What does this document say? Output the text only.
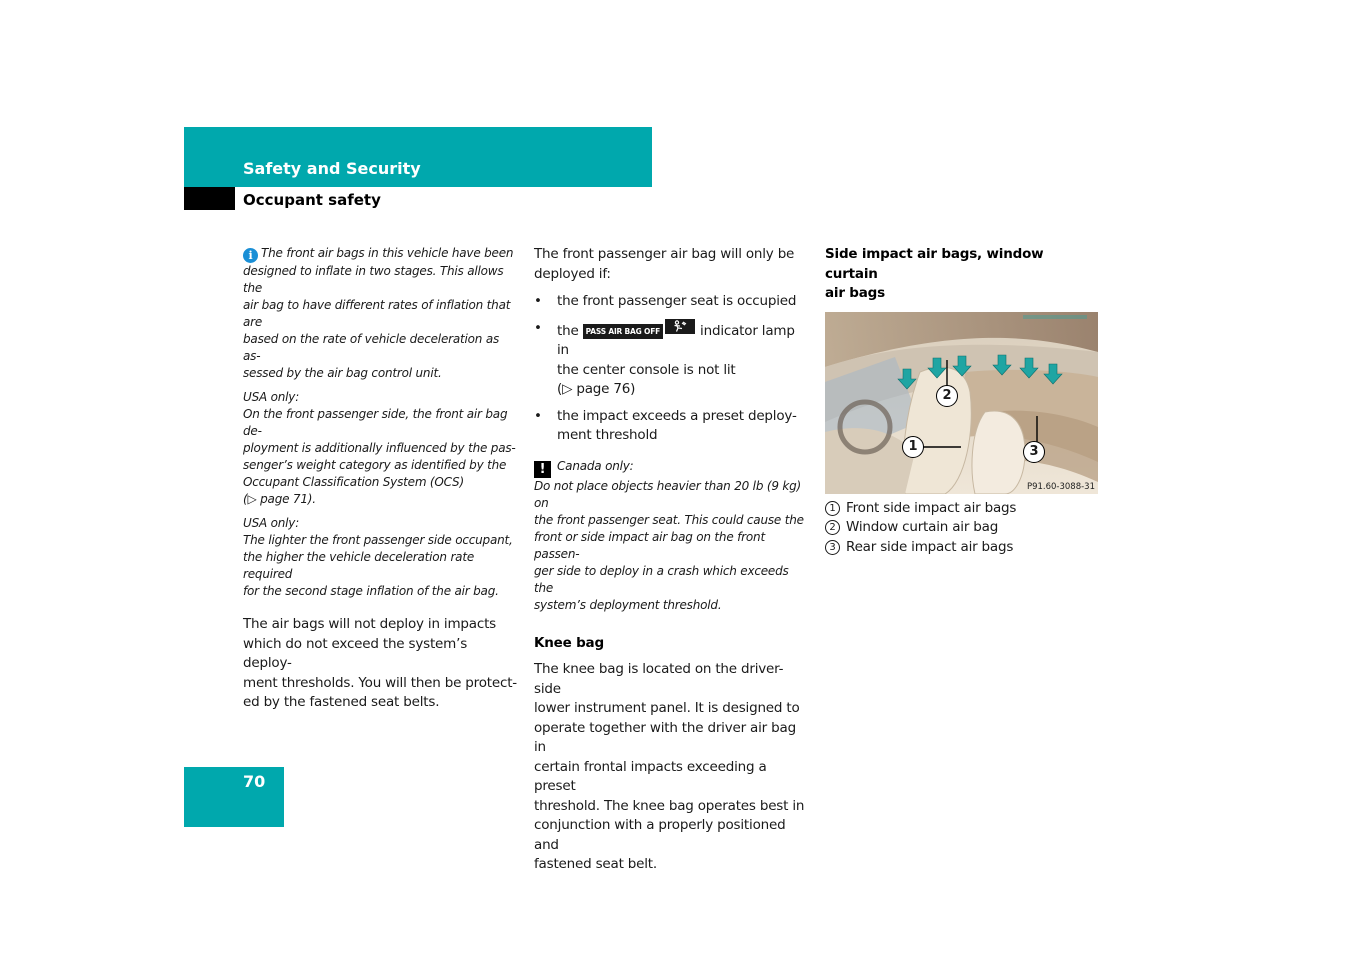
Safety and Security
Occupant safety
i The front air bags in this vehicle have been
designed to inflate in two stages. This allows the
air bag to have different rates of inflation that are
based on the rate of vehicle deceleration as as-
sessed by the air bag control unit.
USA only:
On the front passenger side, the front air bag de-
ployment is additionally influenced by the pas-
senger’s weight category as identified by the
Occupant Classification System (OCS)
(▷ page 71).
USA only:
The lighter the front passenger side occupant,
the higher the vehicle deceleration rate required
for the second stage inflation of the air bag.

The air bags will not deploy in impacts
which do not exceed the system’s deploy-
ment thresholds. You will then be protect-
ed by the fastened seat belts.

The front passenger air bag will only be
deployed if:

• the front passenger seat is occupied
• the PASS AIR BAG OFF	indicator lamp in
the center console is not lit
(▷ page 76)
• the impact exceeds a preset deploy-
ment threshold
! Canada only:
Do not place objects heavier than 20 lb (9 kg) on
the front passenger seat. This could cause the
front or side impact air bag on the front passen-
ger side to deploy in a crash which exceeds the
system’s deployment threshold.

Knee bag

The knee bag is located on the driver-side
lower instrument panel. It is designed to
operate together with the driver air bag in
certain frontal impacts exceeding a preset
threshold. The knee bag operates best in
conjunction with a properly positioned and
fastened seat belt.

Side impact air bags, window curtain
air bags

2
1	3
P91.60-3088-31
1 Front side impact air bags
2 Window curtain air bag
3 Rear side impact air bags
70
